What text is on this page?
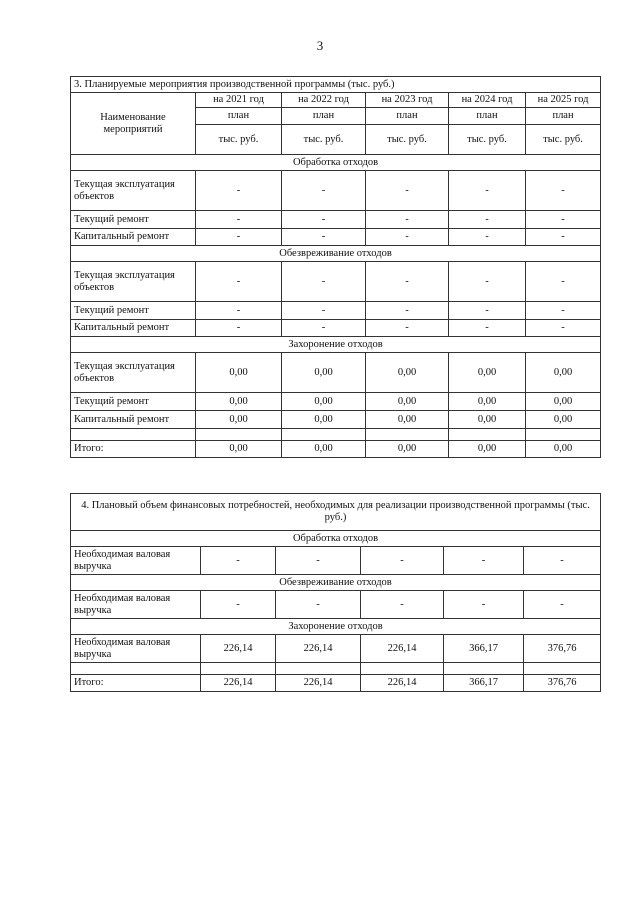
3
3. Планируемые мероприятия производственной программы (тыс. руб.)					
Наименование мероприятий	на 2021 год	на 2022 год	на 2023 год	на 2024 год	на 2025 год
	план	план	план	план	план
	тыс. руб.	тыс. руб.	тыс. руб.	тыс. руб.	тыс. руб.
Обработка отходов					
Текущая эксплуатация объектов	-	-	-	-	-
Текущий ремонт	-	-	-	-	-
Капитальный ремонт	-	-	-	-	-
Обезвреживание отходов					
Текущая эксплуатация объектов	-	-	-	-	-
Текущий ремонт	-	-	-	-	-
Капитальный ремонт	-	-	-	-	-
Захоронение отходов					
Текущая эксплуатация объектов	0,00	0,00	0,00	0,00	0,00
Текущий ремонт	0,00	0,00	0,00	0,00	0,00
Капитальный ремонт	0,00	0,00	0,00	0,00	0,00

Итого:	0,00	0,00	0,00	0,00	0,00
4. Плановый объем финансовых потребностей, необходимых для реализации производственной программы (тыс. руб.)					
Обработка отходов					
Необходимая валовая выручка	-	-	-	-	-
Обезвреживание отходов					
Необходимая валовая выручка	-	-	-	-	-
Захоронение отходов					
Необходимая валовая выручка	226,14	226,14	226,14	366,17	376,76

Итого:	226,14	226,14	226,14	366,17	376,76
